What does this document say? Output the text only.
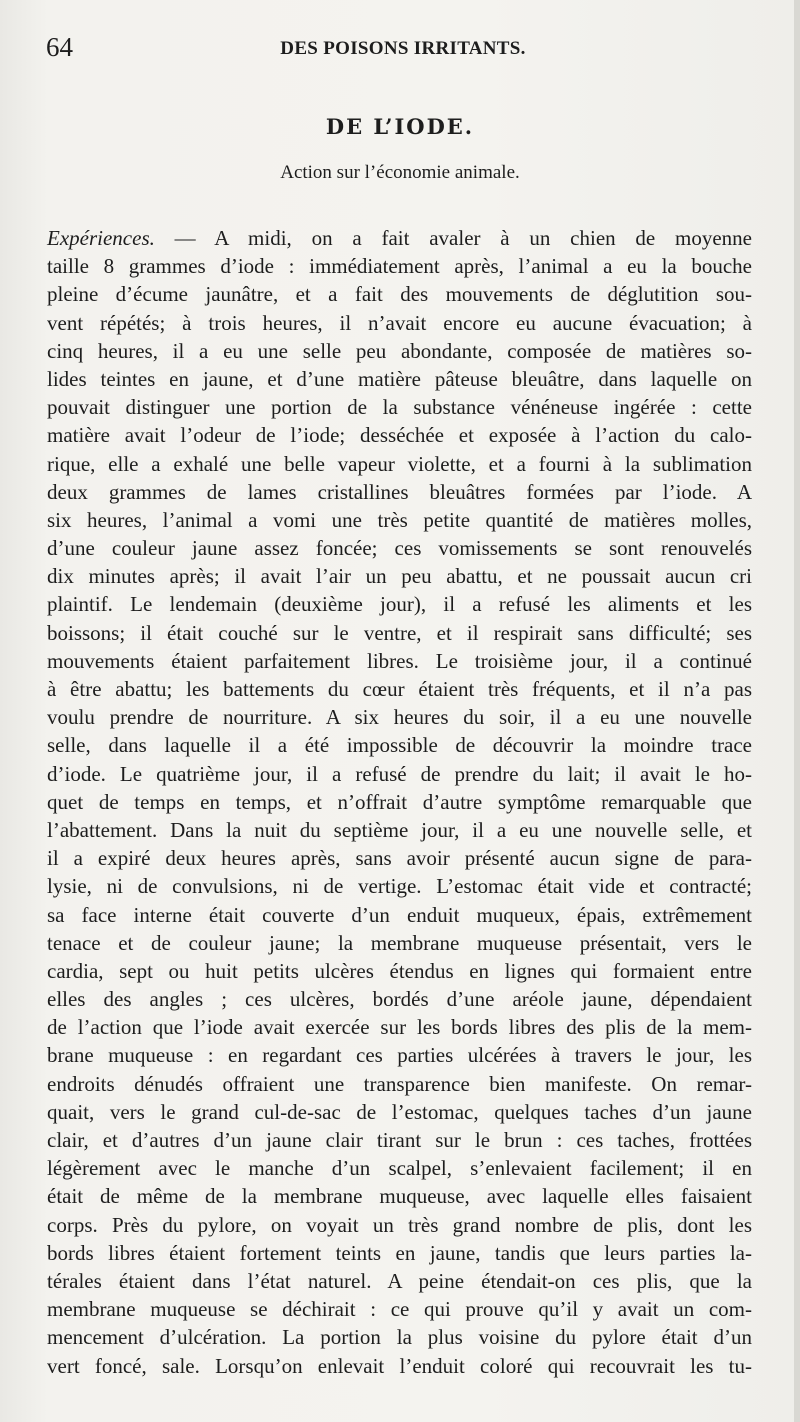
64	DES POISONS IRRITANTS.
DE L’IODE.
Action sur l’économie animale.
Expériences. — A midi, on a fait avaler à un chien de moyenne
taille 8 grammes d’iode : immédiatement après, l’animal a eu la bouche
pleine d’écume jaunâtre, et a fait des mouvements de déglutition sou-
vent répétés; à trois heures, il n’avait encore eu aucune évacuation; à
cinq heures, il a eu une selle peu abondante, composée de matières so-
lides teintes en jaune, et d’une matière pâteuse bleuâtre, dans laquelle on
pouvait distinguer une portion de la substance vénéneuse ingérée : cette
matière avait l’odeur de l’iode; desséchée et exposée à l’action du calo-
rique, elle a exhalé une belle vapeur violette, et a fourni à la sublimation
deux grammes de lames cristallines bleuâtres formées par l’iode. A
six heures, l’animal a vomi une très petite quantité de matières molles,
d’une couleur jaune assez foncée; ces vomissements se sont renouvelés
dix minutes après; il avait l’air un peu abattu, et ne poussait aucun cri
plaintif. Le lendemain (deuxième jour), il a refusé les aliments et les
boissons; il était couché sur le ventre, et il respirait sans difficulté; ses
mouvements étaient parfaitement libres. Le troisième jour, il a continué
à être abattu; les battements du cœur étaient très fréquents, et il n’a pas
voulu prendre de nourriture. A six heures du soir, il a eu une nouvelle
selle, dans laquelle il a été impossible de découvrir la moindre trace
d’iode. Le quatrième jour, il a refusé de prendre du lait; il avait le ho-
quet de temps en temps, et n’offrait d’autre symptôme remarquable que
l’abattement. Dans la nuit du septième jour, il a eu une nouvelle selle, et
il a expiré deux heures après, sans avoir présenté aucun signe de para-
lysie, ni de convulsions, ni de vertige. L’estomac était vide et contracté;
sa face interne était couverte d’un enduit muqueux, épais, extrêmement
tenace et de couleur jaune; la membrane muqueuse présentait, vers le
cardia, sept ou huit petits ulcères étendus en lignes qui formaient entre
elles des angles ; ces ulcères, bordés d’une aréole jaune, dépendaient
de l’action que l’iode avait exercée sur les bords libres des plis de la mem-
brane muqueuse : en regardant ces parties ulcérées à travers le jour, les
endroits dénudés offraient une transparence bien manifeste. On remar-
quait, vers le grand cul-de-sac de l’estomac, quelques taches d’un jaune
clair, et d’autres d’un jaune clair tirant sur le brun : ces taches, frottées
légèrement avec le manche d’un scalpel, s’enlevaient facilement; il en
était de même de la membrane muqueuse, avec laquelle elles faisaient
corps. Près du pylore, on voyait un très grand nombre de plis, dont les
bords libres étaient fortement teints en jaune, tandis que leurs parties la-
térales étaient dans l’état naturel. A peine étendait-on ces plis, que la
membrane muqueuse se déchirait : ce qui prouve qu’il y avait un com-
mencement d’ulcération. La portion la plus voisine du pylore était d’un
vert foncé, sale. Lorsqu’on enlevait l’enduit coloré qui recouvrait les tu-
